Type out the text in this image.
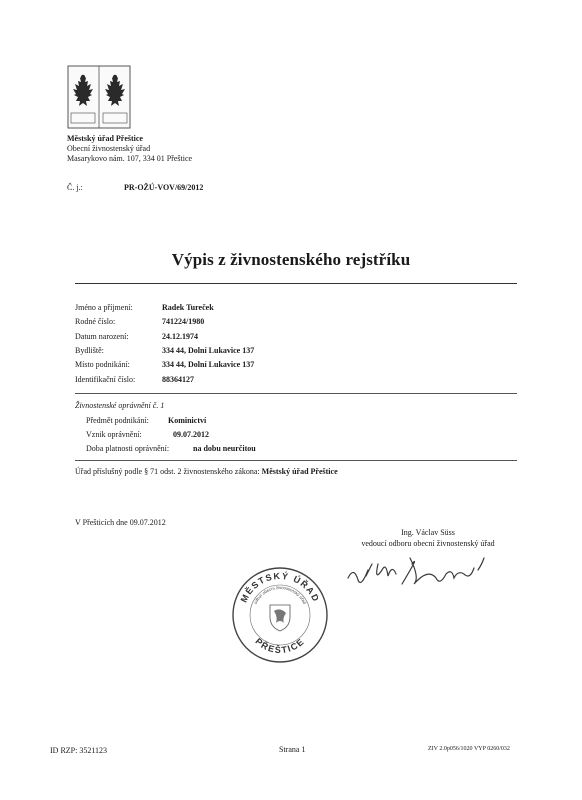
Městský úřad Přeštice
Obecní živnostenský úřad
Masarykovo nám. 107, 334 01 Přeštice
Č. j.:	PR-OŽÚ-VOV/69/2012
Výpis z živnostenského rejstříku
Jméno a příjmení:	Radek Tureček
Rodné číslo:	741224/1980
Datum narození:	24.12.1974
Bydliště:	334 44, Dolní Lukavice 137
Místo podnikání:	334 44, Dolní Lukavice 137
Identifikační číslo:	88364127
Živnostenské oprávnění č. 1
Předmět podnikání: Kominictví
Vznik oprávnění:	09.07.2012
Doba platnosti oprávnění:	na dobu neurčitou
Úřad příslušný podle § 71 odst. 2 živnostenského zákona: Městský úřad Přeštice
V Přešticích dne 09.07.2012
Ing. Václav Süss
vedoucí odboru obecní živnostenský úřad
v.z. Nosková
MĚSTSKÝ ÚŘAD
odbor obecní živnostenský úřad
PŘEŠTICE
ID RZP: 3521123	Strana 1	ZIV 2.0p056/1020 VYP 0260/032
